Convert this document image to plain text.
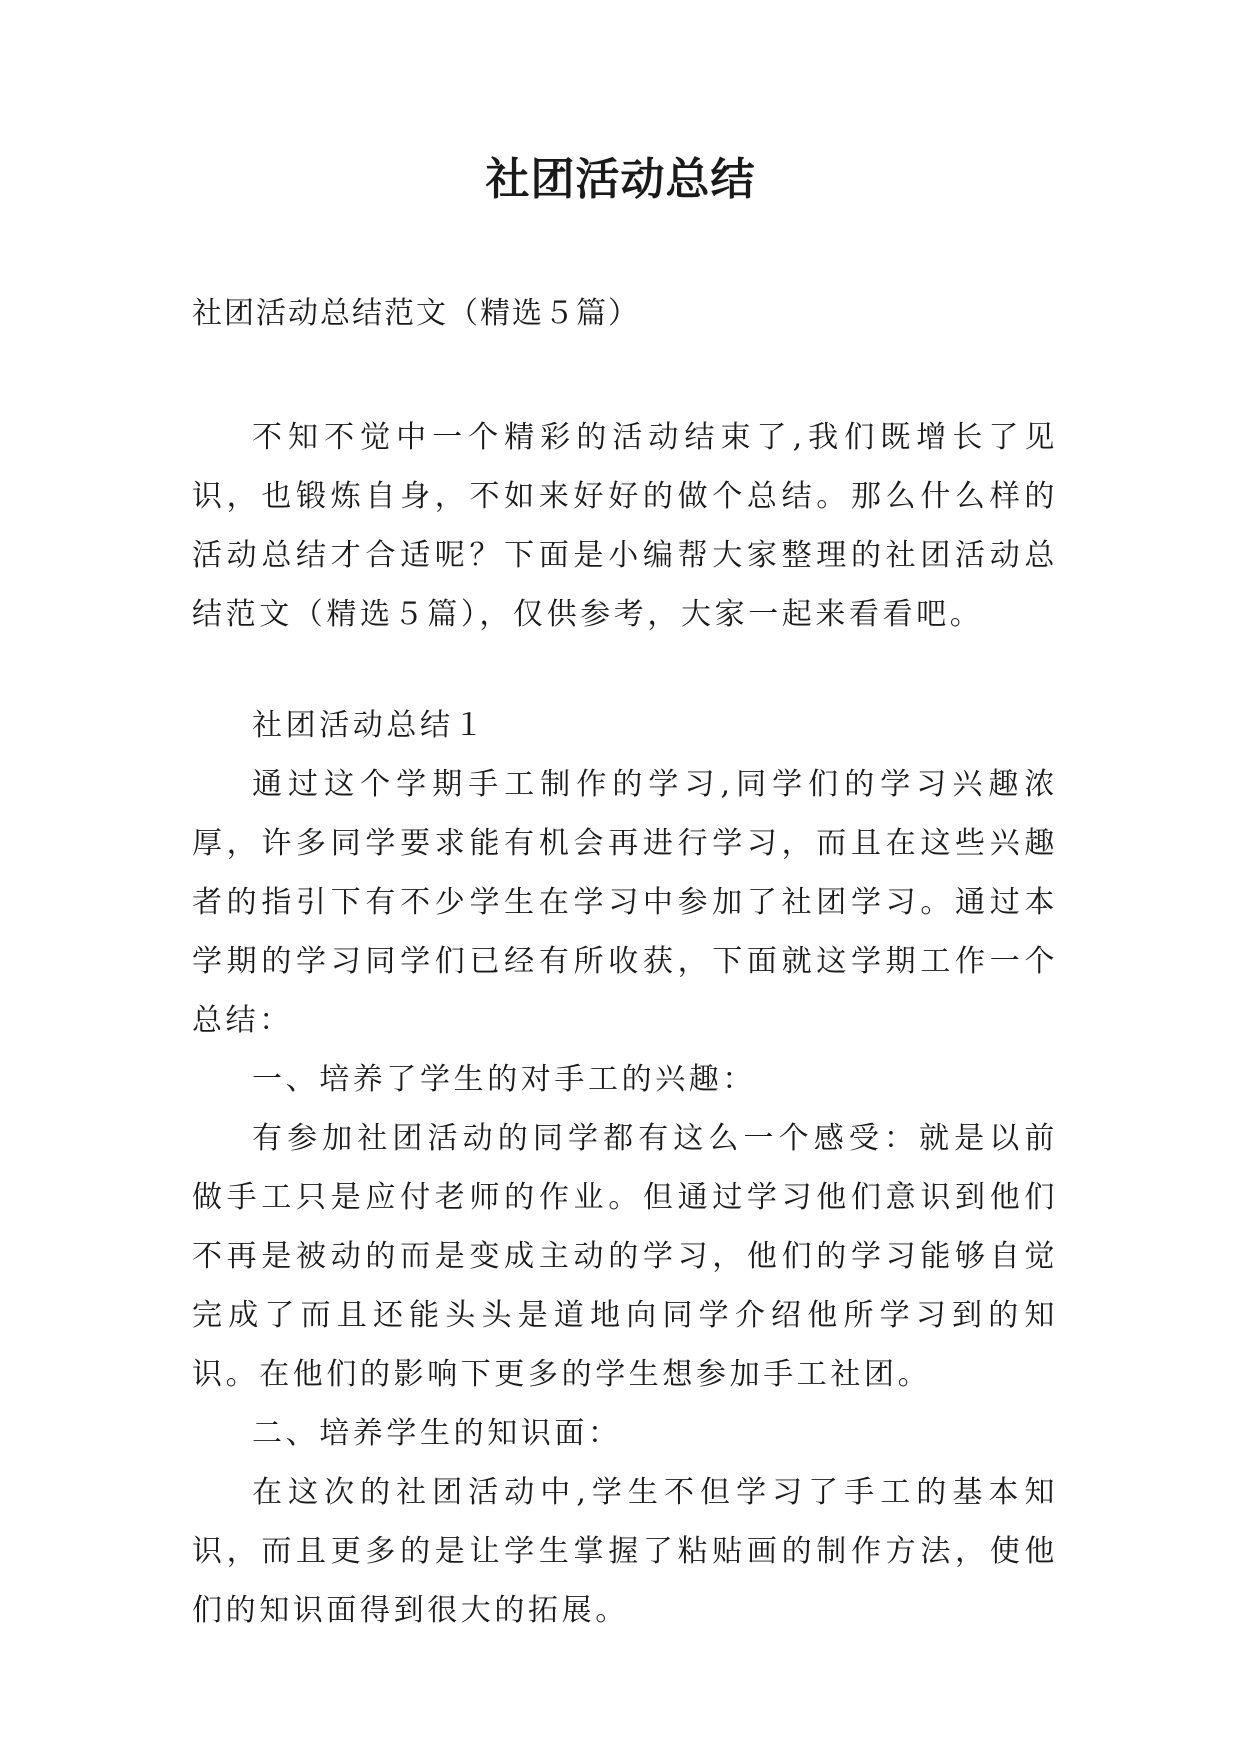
社团活动总结
社团活动总结范文（精选５篇）

不知不觉中一个精彩的活动结束了,我们既增长了见识，也锻炼自身，不如来好好的做个总结。那么什么样的活动总结才合适呢？下面是小编帮大家整理的社团活动总结范文（精选５篇），仅供参考，大家一起来看看吧。

社团活动总结１

通过这个学期手工制作的学习,同学们的学习兴趣浓厚，许多同学要求能有机会再进行学习，而且在这些兴趣者的指引下有不少学生在学习中参加了社团学习。通过本学期的学习同学们已经有所收获，下面就这学期工作一个总结：

一、培养了学生的对手工的兴趣：

有参加社团活动的同学都有这么一个感受：就是以前做手工只是应付老师的作业。但通过学习他们意识到他们不再是被动的而是变成主动的学习，他们的学习能够自觉完成了而且还能头头是道地向同学介绍他所学习到的知识。在他们的影响下更多的学生想参加手工社团。

二、培养学生的知识面：

在这次的社团活动中,学生不但学习了手工的基本知识，而且更多的是让学生掌握了粘贴画的制作方法，使他们的知识面得到很大的拓展。
